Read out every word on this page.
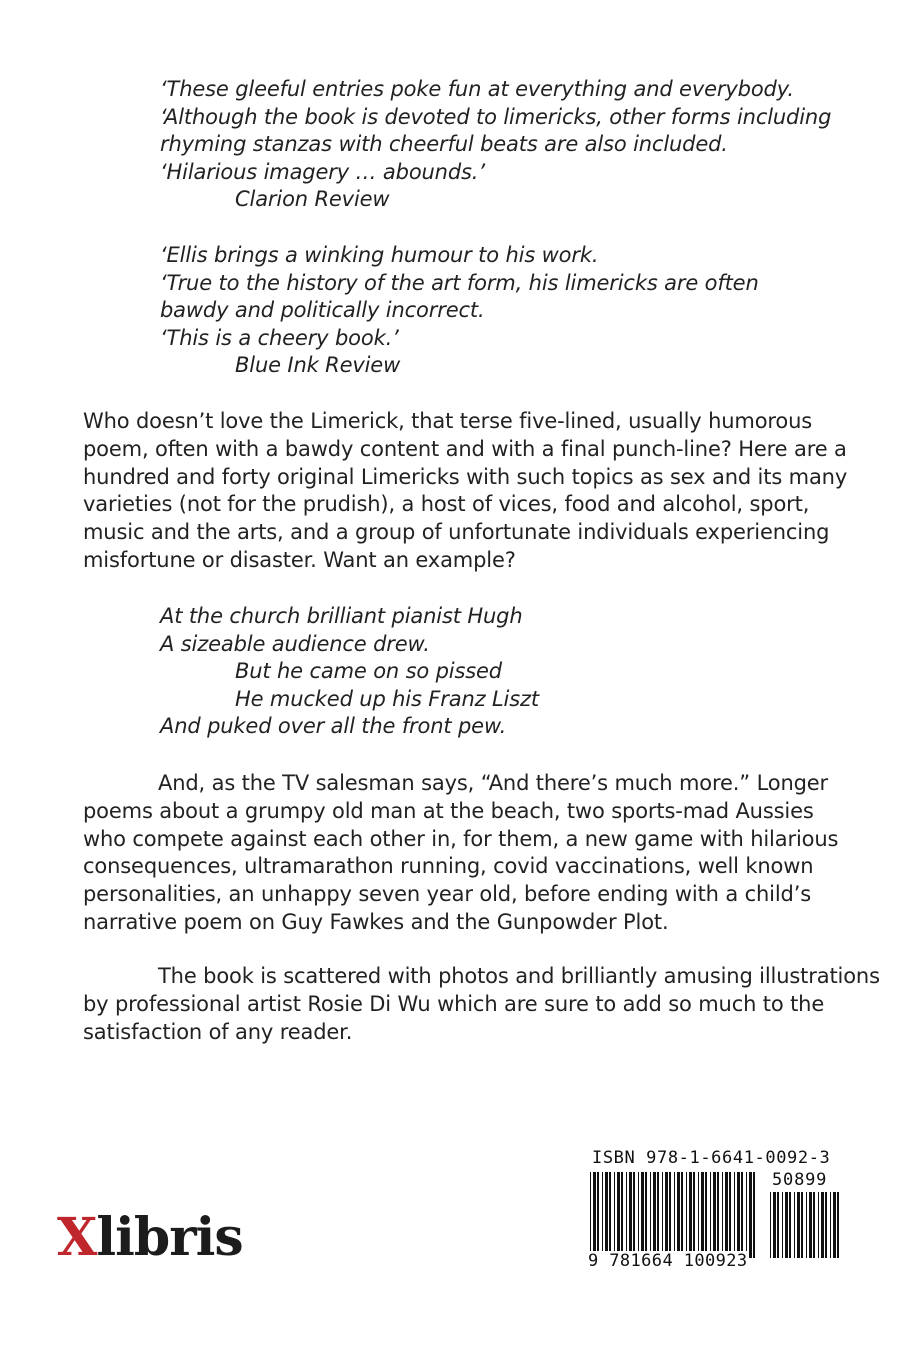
‘These gleeful entries poke fun at everything and everybody.
‘Although the book is devoted to limericks, other forms including
rhyming stanzas with cheerful beats are also included.
‘Hilarious imagery … abounds.’
Clarion Review
‘Ellis brings a winking humour to his work.
‘True to the history of the art form, his limericks are often
bawdy and politically incorrect.
‘This is a cheery book.’
Blue Ink Review
Who doesn’t love the Limerick, that terse five-lined, usually humorous
poem, often with a bawdy content and with a final punch-line? Here are a
hundred and forty original Limericks with such topics as sex and its many
varieties (not for the prudish), a host of vices, food and alcohol, sport,
music and the arts, and a group of unfortunate individuals experiencing
misfortune or disaster. Want an example?
At the church brilliant pianist Hugh
A sizeable audience drew.
But he came on so pissed
He mucked up his Franz Liszt
And puked over all the front pew.
And, as the TV salesman says, “And there’s much more.” Longer
poems about a grumpy old man at the beach, two sports-mad Aussies
who compete against each other in, for them, a new game with hilarious
consequences, ultramarathon running, covid vaccinations, well known
personalities, an unhappy seven year old, before ending with a child’s
narrative poem on Guy Fawkes and the Gunpowder Plot.
The book is scattered with photos and brilliantly amusing illustrations
by professional artist Rosie Di Wu which are sure to add so much to the
satisfaction of any reader.
Xlibris
ISBN 978-1-6641-0092-3
50899
9 781664 100923
